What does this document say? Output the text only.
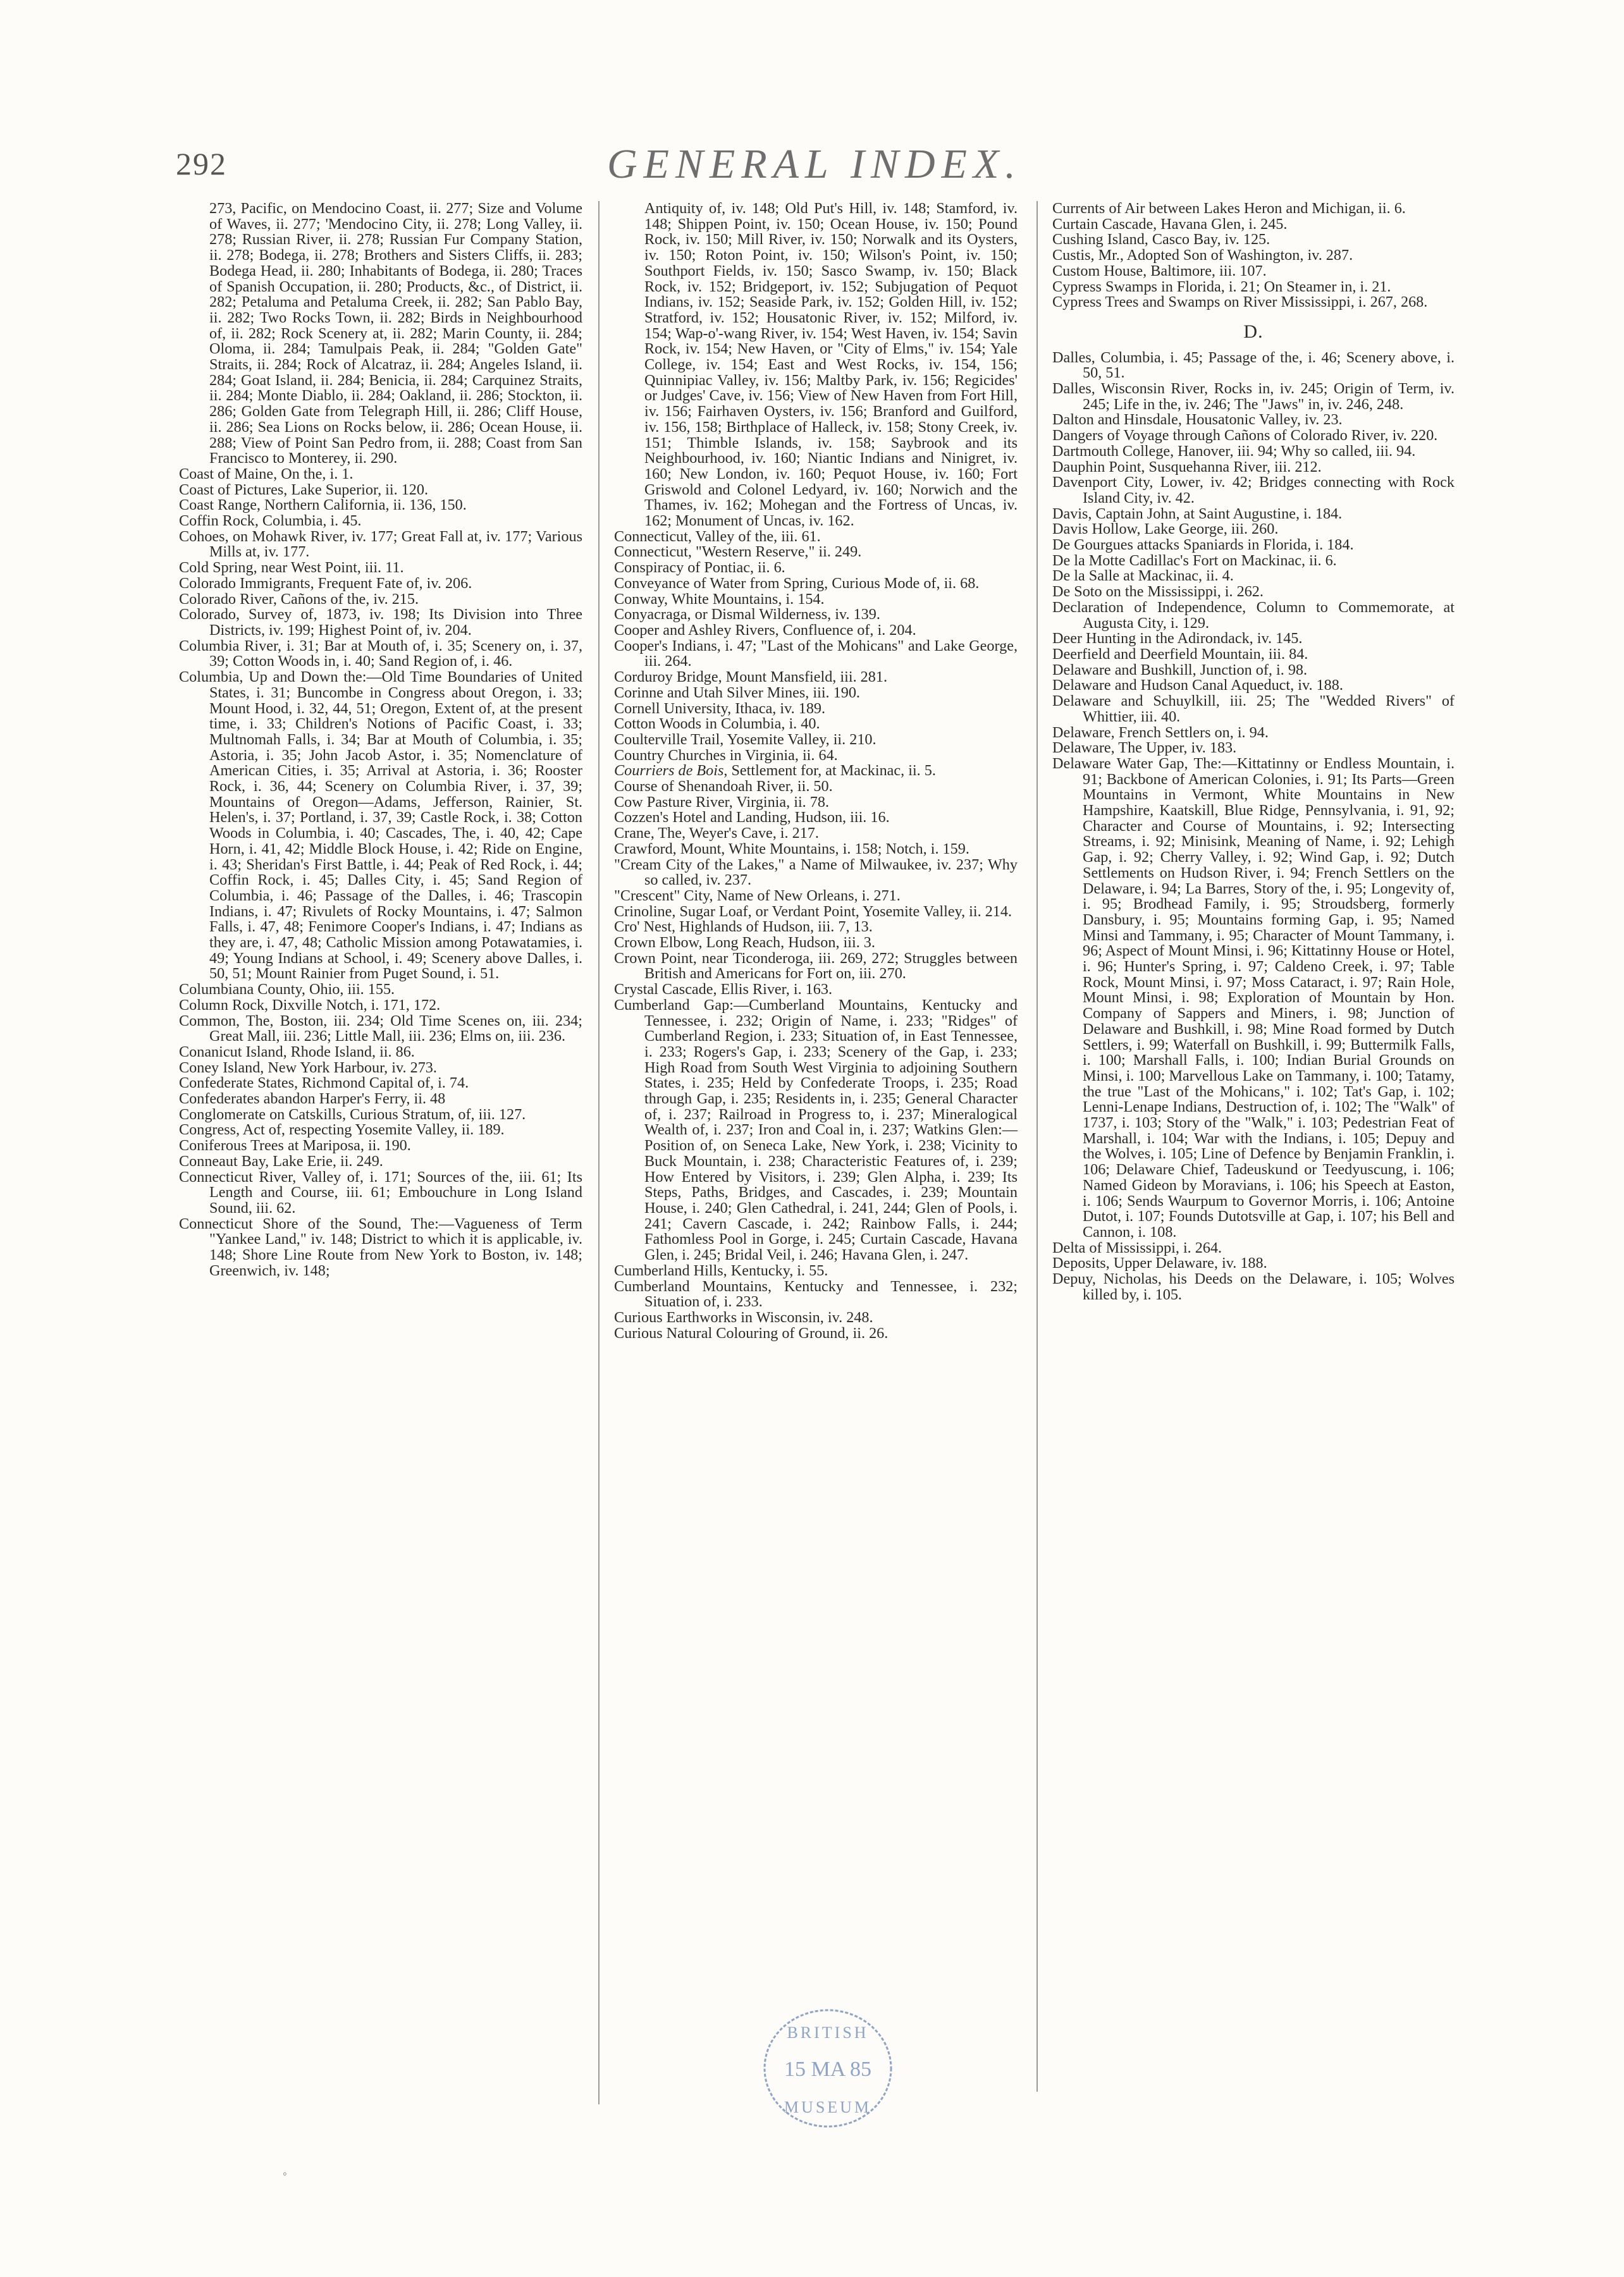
292	GENERAL INDEX.

273, Pacific, on Mendocino Coast, ii. 277; Size and Volume of Waves, ii. 277; 'Mendocino City, ii. 278; Long Valley, ii. 278; Russian River, ii. 278; Russian Fur Company Station, ii. 278; Bodega, ii. 278; Brothers and Sisters Cliffs, ii. 283; Bodega Head, ii. 280; Inhabitants of Bodega, ii. 280; Traces of Spanish Occupation, ii. 280; Products, &c., of District, ii. 282; Petaluma and Petaluma Creek, ii. 282; San Pablo Bay, ii. 282; Two Rocks Town, ii. 282; Birds in Neighbourhood of, ii. 282; Rock Scenery at, ii. 282; Marin County, ii. 284; Oloma, ii. 284; Tamulpais Peak, ii. 284; "Golden Gate" Straits, ii. 284; Rock of Alcatraz, ii. 284; Angeles Island, ii. 284; Goat Island, ii. 284; Benicia, ii. 284; Carquinez Straits, ii. 284; Monte Diablo, ii. 284; Oakland, ii. 286; Stockton, ii. 286; Golden Gate from Telegraph Hill, ii. 286; Cliff House, ii. 286; Sea Lions on Rocks below, ii. 286; Ocean House, ii. 288; View of Point San Pedro from, ii. 288; Coast from San Francisco to Monterey, ii. 290.

Coast of Maine, On the, i. 1.

Coast of Pictures, Lake Superior, ii. 120.

Coast Range, Northern California, ii. 136, 150.

Coffin Rock, Columbia, i. 45.

Cohoes, on Mohawk River, iv. 177; Great Fall at, iv. 177; Various Mills at, iv. 177.

Cold Spring, near West Point, iii. 11.

Colorado Immigrants, Frequent Fate of, iv. 206.

Colorado River, Cañons of the, iv. 215.

Colorado, Survey of, 1873, iv. 198; Its Division into Three Districts, iv. 199; Highest Point of, iv. 204.

Columbia River, i. 31; Bar at Mouth of, i. 35; Scenery on, i. 37, 39; Cotton Woods in, i. 40; Sand Region of, i. 46.

Columbia, Up and Down the:—Old Time Boundaries of United States, i. 31; Buncombe in Congress about Oregon, i. 33; Mount Hood, i. 32, 44, 51; Oregon, Extent of, at the present time, i. 33; Children's Notions of Pacific Coast, i. 33; Multnomah Falls, i. 34; Bar at Mouth of Columbia, i. 35; Astoria, i. 35; John Jacob Astor, i. 35; Nomenclature of American Cities, i. 35; Arrival at Astoria, i. 36; Rooster Rock, i. 36, 44; Scenery on Columbia River, i. 37, 39; Mountains of Oregon—Adams, Jefferson, Rainier, St. Helen's, i. 37; Portland, i. 37, 39; Castle Rock, i. 38; Cotton Woods in Columbia, i. 40; Cascades, The, i. 40, 42; Cape Horn, i. 41, 42; Middle Block House, i. 42; Ride on Engine, i. 43; Sheridan's First Battle, i. 44; Peak of Red Rock, i. 44; Coffin Rock, i. 45; Dalles City, i. 45; Sand Region of Columbia, i. 46; Passage of the Dalles, i. 46; Trascopin Indians, i. 47; Rivulets of Rocky Mountains, i. 47; Salmon Falls, i. 47, 48; Fenimore Cooper's Indians, i. 47; Indians as they are, i. 47, 48; Catholic Mission among Potawatamies, i. 49; Young Indians at School, i. 49; Scenery above Dalles, i. 50, 51; Mount Rainier from Puget Sound, i. 51.

Columbiana County, Ohio, iii. 155.

Column Rock, Dixville Notch, i. 171, 172.

Common, The, Boston, iii. 234; Old Time Scenes on, iii. 234; Great Mall, iii. 236; Little Mall, iii. 236; Elms on, iii. 236.

Conanicut Island, Rhode Island, ii. 86.

Coney Island, New York Harbour, iv. 273.

Confederate States, Richmond Capital of, i. 74.

Confederates abandon Harper's Ferry, ii. 48

Conglomerate on Catskills, Curious Stratum, of, iii. 127.

Congress, Act of, respecting Yosemite Valley, ii. 189.

Coniferous Trees at Mariposa, ii. 190.

Conneaut Bay, Lake Erie, ii. 249.

Connecticut River, Valley of, i. 171; Sources of the, iii. 61; Its Length and Course, iii. 61; Embouchure in Long Island Sound, iii. 62.

Connecticut Shore of the Sound, The:—Vagueness of Term "Yankee Land," iv. 148; District to which it is applicable, iv. 148; Shore Line Route from New York to Boston, iv. 148; Greenwich, iv. 148;

Antiquity of, iv. 148; Old Put's Hill, iv. 148; Stamford, iv. 148; Shippen Point, iv. 150; Ocean House, iv. 150; Pound Rock, iv. 150; Mill River, iv. 150; Norwalk and its Oysters, iv. 150; Roton Point, iv. 150; Wilson's Point, iv. 150; Southport Fields, iv. 150; Sasco Swamp, iv. 150; Black Rock, iv. 152; Bridgeport, iv. 152; Subjugation of Pequot Indians, iv. 152; Seaside Park, iv. 152; Golden Hill, iv. 152; Stratford, iv. 152; Housatonic River, iv. 152; Milford, iv. 154; Wap-o'-wang River, iv. 154; West Haven, iv. 154; Savin Rock, iv. 154; New Haven, or "City of Elms," iv. 154; Yale College, iv. 154; East and West Rocks, iv. 154, 156; Quinnipiac Valley, iv. 156; Maltby Park, iv. 156; Regicides' or Judges' Cave, iv. 156; View of New Haven from Fort Hill, iv. 156; Fairhaven Oysters, iv. 156; Branford and Guilford, iv. 156, 158; Birthplace of Halleck, iv. 158; Stony Creek, iv. 151; Thimble Islands, iv. 158; Saybrook and its Neighbourhood, iv. 160; Niantic Indians and Ninigret, iv. 160; New London, iv. 160; Pequot House, iv. 160; Fort Griswold and Colonel Ledyard, iv. 160; Norwich and the Thames, iv. 162; Mohegan and the Fortress of Uncas, iv. 162; Monument of Uncas, iv. 162.

Connecticut, Valley of the, iii. 61.

Connecticut, "Western Reserve," ii. 249.

Conspiracy of Pontiac, ii. 6.

Conveyance of Water from Spring, Curious Mode of, ii. 68.

Conway, White Mountains, i. 154.

Conyacraga, or Dismal Wilderness, iv. 139.

Cooper and Ashley Rivers, Confluence of, i. 204.

Cooper's Indians, i. 47; "Last of the Mohicans" and Lake George, iii. 264.

Corduroy Bridge, Mount Mansfield, iii. 281.

Corinne and Utah Silver Mines, iii. 190.

Cornell University, Ithaca, iv. 189.

Cotton Woods in Columbia, i. 40.

Coulterville Trail, Yosemite Valley, ii. 210.

Country Churches in Virginia, ii. 64.

Courriers de Bois, Settlement for, at Mackinac, ii. 5.

Course of Shenandoah River, ii. 50.

Cow Pasture River, Virginia, ii. 78.

Cozzen's Hotel and Landing, Hudson, iii. 16.

Crane, The, Weyer's Cave, i. 217.

Crawford, Mount, White Mountains, i. 158; Notch, i. 159.

"Cream City of the Lakes," a Name of Milwaukee, iv. 237; Why so called, iv. 237.

"Crescent" City, Name of New Orleans, i. 271.

Crinoline, Sugar Loaf, or Verdant Point, Yosemite Valley, ii. 214.

Cro' Nest, Highlands of Hudson, iii. 7, 13.

Crown Elbow, Long Reach, Hudson, iii. 3.

Crown Point, near Ticonderoga, iii. 269, 272; Struggles between British and Americans for Fort on, iii. 270.

Crystal Cascade, Ellis River, i. 163.

Cumberland Gap:—Cumberland Mountains, Kentucky and Tennessee, i. 232; Origin of Name, i. 233; "Ridges" of Cumberland Region, i. 233; Situation of, in East Tennessee, i. 233; Rogers's Gap, i. 233; Scenery of the Gap, i. 233; High Road from South West Virginia to adjoining Southern States, i. 235; Held by Confederate Troops, i. 235; Road through Gap, i. 235; Residents in, i. 235; General Character of, i. 237; Railroad in Progress to, i. 237; Mineralogical Wealth of, i. 237; Iron and Coal in, i. 237; Watkins Glen:—Position of, on Seneca Lake, New York, i. 238; Vicinity to Buck Mountain, i. 238; Characteristic Features of, i. 239; How Entered by Visitors, i. 239; Glen Alpha, i. 239; Its Steps, Paths, Bridges, and Cascades, i. 239; Mountain House, i. 240; Glen Cathedral, i. 241, 244; Glen of Pools, i. 241; Cavern Cascade, i. 242; Rainbow Falls, i. 244; Fathomless Pool in Gorge, i. 245; Curtain Cascade, Havana Glen, i. 245; Bridal Veil, i. 246; Havana Glen, i. 247.

Cumberland Hills, Kentucky, i. 55.

Cumberland Mountains, Kentucky and Tennessee, i. 232; Situation of, i. 233.

Curious Earthworks in Wisconsin, iv. 248.

Curious Natural Colouring of Ground, ii. 26.

Currents of Air between Lakes Heron and Michigan, ii. 6.

Curtain Cascade, Havana Glen, i. 245.

Cushing Island, Casco Bay, iv. 125.

Custis, Mr., Adopted Son of Washington, iv. 287.

Custom House, Baltimore, iii. 107.

Cypress Swamps in Florida, i. 21; On Steamer in, i. 21.

Cypress Trees and Swamps on River Mississippi, i. 267, 268.

D.

Dalles, Columbia, i. 45; Passage of the, i. 46; Scenery above, i. 50, 51.

Dalles, Wisconsin River, Rocks in, iv. 245; Origin of Term, iv. 245; Life in the, iv. 246; The "Jaws" in, iv. 246, 248.

Dalton and Hinsdale, Housatonic Valley, iv. 23.

Dangers of Voyage through Cañons of Colorado River, iv. 220.

Dartmouth College, Hanover, iii. 94; Why so called, iii. 94.

Dauphin Point, Susquehanna River, iii. 212.

Davenport City, Lower, iv. 42; Bridges connecting with Rock Island City, iv. 42.

Davis, Captain John, at Saint Augustine, i. 184.

Davis Hollow, Lake George, iii. 260.

De Gourgues attacks Spaniards in Florida, i. 184.

De la Motte Cadillac's Fort on Mackinac, ii. 6.

De la Salle at Mackinac, ii. 4.

De Soto on the Mississippi, i. 262.

Declaration of Independence, Column to Commemorate, at Augusta City, i. 129.

Deer Hunting in the Adirondack, iv. 145.

Deerfield and Deerfield Mountain, iii. 84.

Delaware and Bushkill, Junction of, i. 98.

Delaware and Hudson Canal Aqueduct, iv. 188.

Delaware and Schuylkill, iii. 25; The "Wedded Rivers" of Whittier, iii. 40.

Delaware, French Settlers on, i. 94.

Delaware, The Upper, iv. 183.

Delaware Water Gap, The:—Kittatinny or Endless Mountain, i. 91; Backbone of American Colonies, i. 91; Its Parts—Green Mountains in Vermont, White Mountains in New Hampshire, Kaatskill, Blue Ridge, Pennsylvania, i. 91, 92; Character and Course of Mountains, i. 92; Intersecting Streams, i. 92; Minisink, Meaning of Name, i. 92; Lehigh Gap, i. 92; Cherry Valley, i. 92; Wind Gap, i. 92; Dutch Settlements on Hudson River, i. 94; French Settlers on the Delaware, i. 94; La Barres, Story of the, i. 95; Longevity of, i. 95; Brodhead Family, i. 95; Stroudsberg, formerly Dansbury, i. 95; Mountains forming Gap, i. 95; Named Minsi and Tammany, i. 95; Character of Mount Tammany, i. 96; Aspect of Mount Minsi, i. 96; Kittatinny House or Hotel, i. 96; Hunter's Spring, i. 97; Caldeno Creek, i. 97; Table Rock, Mount Minsi, i. 97; Moss Cataract, i. 97; Rain Hole, Mount Minsi, i. 98; Exploration of Mountain by Hon. Company of Sappers and Miners, i. 98; Junction of Delaware and Bushkill, i. 98; Mine Road formed by Dutch Settlers, i. 99; Waterfall on Bushkill, i. 99; Buttermilk Falls, i. 100; Marshall Falls, i. 100; Indian Burial Grounds on Minsi, i. 100; Marvellous Lake on Tammany, i. 100; Tatamy, the true "Last of the Mohicans," i. 102; Tat's Gap, i. 102; Lenni-Lenape Indians, Destruction of, i. 102; The "Walk" of 1737, i. 103; Story of the "Walk," i. 103; Pedestrian Feat of Marshall, i. 104; War with the Indians, i. 105; Depuy and the Wolves, i. 105; Line of Defence by Benjamin Franklin, i. 106; Delaware Chief, Tadeuskund or Teedyuscung, i. 106; Named Gideon by Moravians, i. 106; his Speech at Easton, i. 106; Sends Waurpum to Governor Morris, i. 106; Antoine Dutot, i. 107; Founds Dutotsville at Gap, i. 107; his Bell and Cannon, i. 108.

Delta of Mississippi, i. 264.

Deposits, Upper Delaware, iv. 188.

Depuy, Nicholas, his Deeds on the Delaware, i. 105; Wolves killed by, i. 105.

BRITISH
15 MA 85
MUSEUM
ﾟ
